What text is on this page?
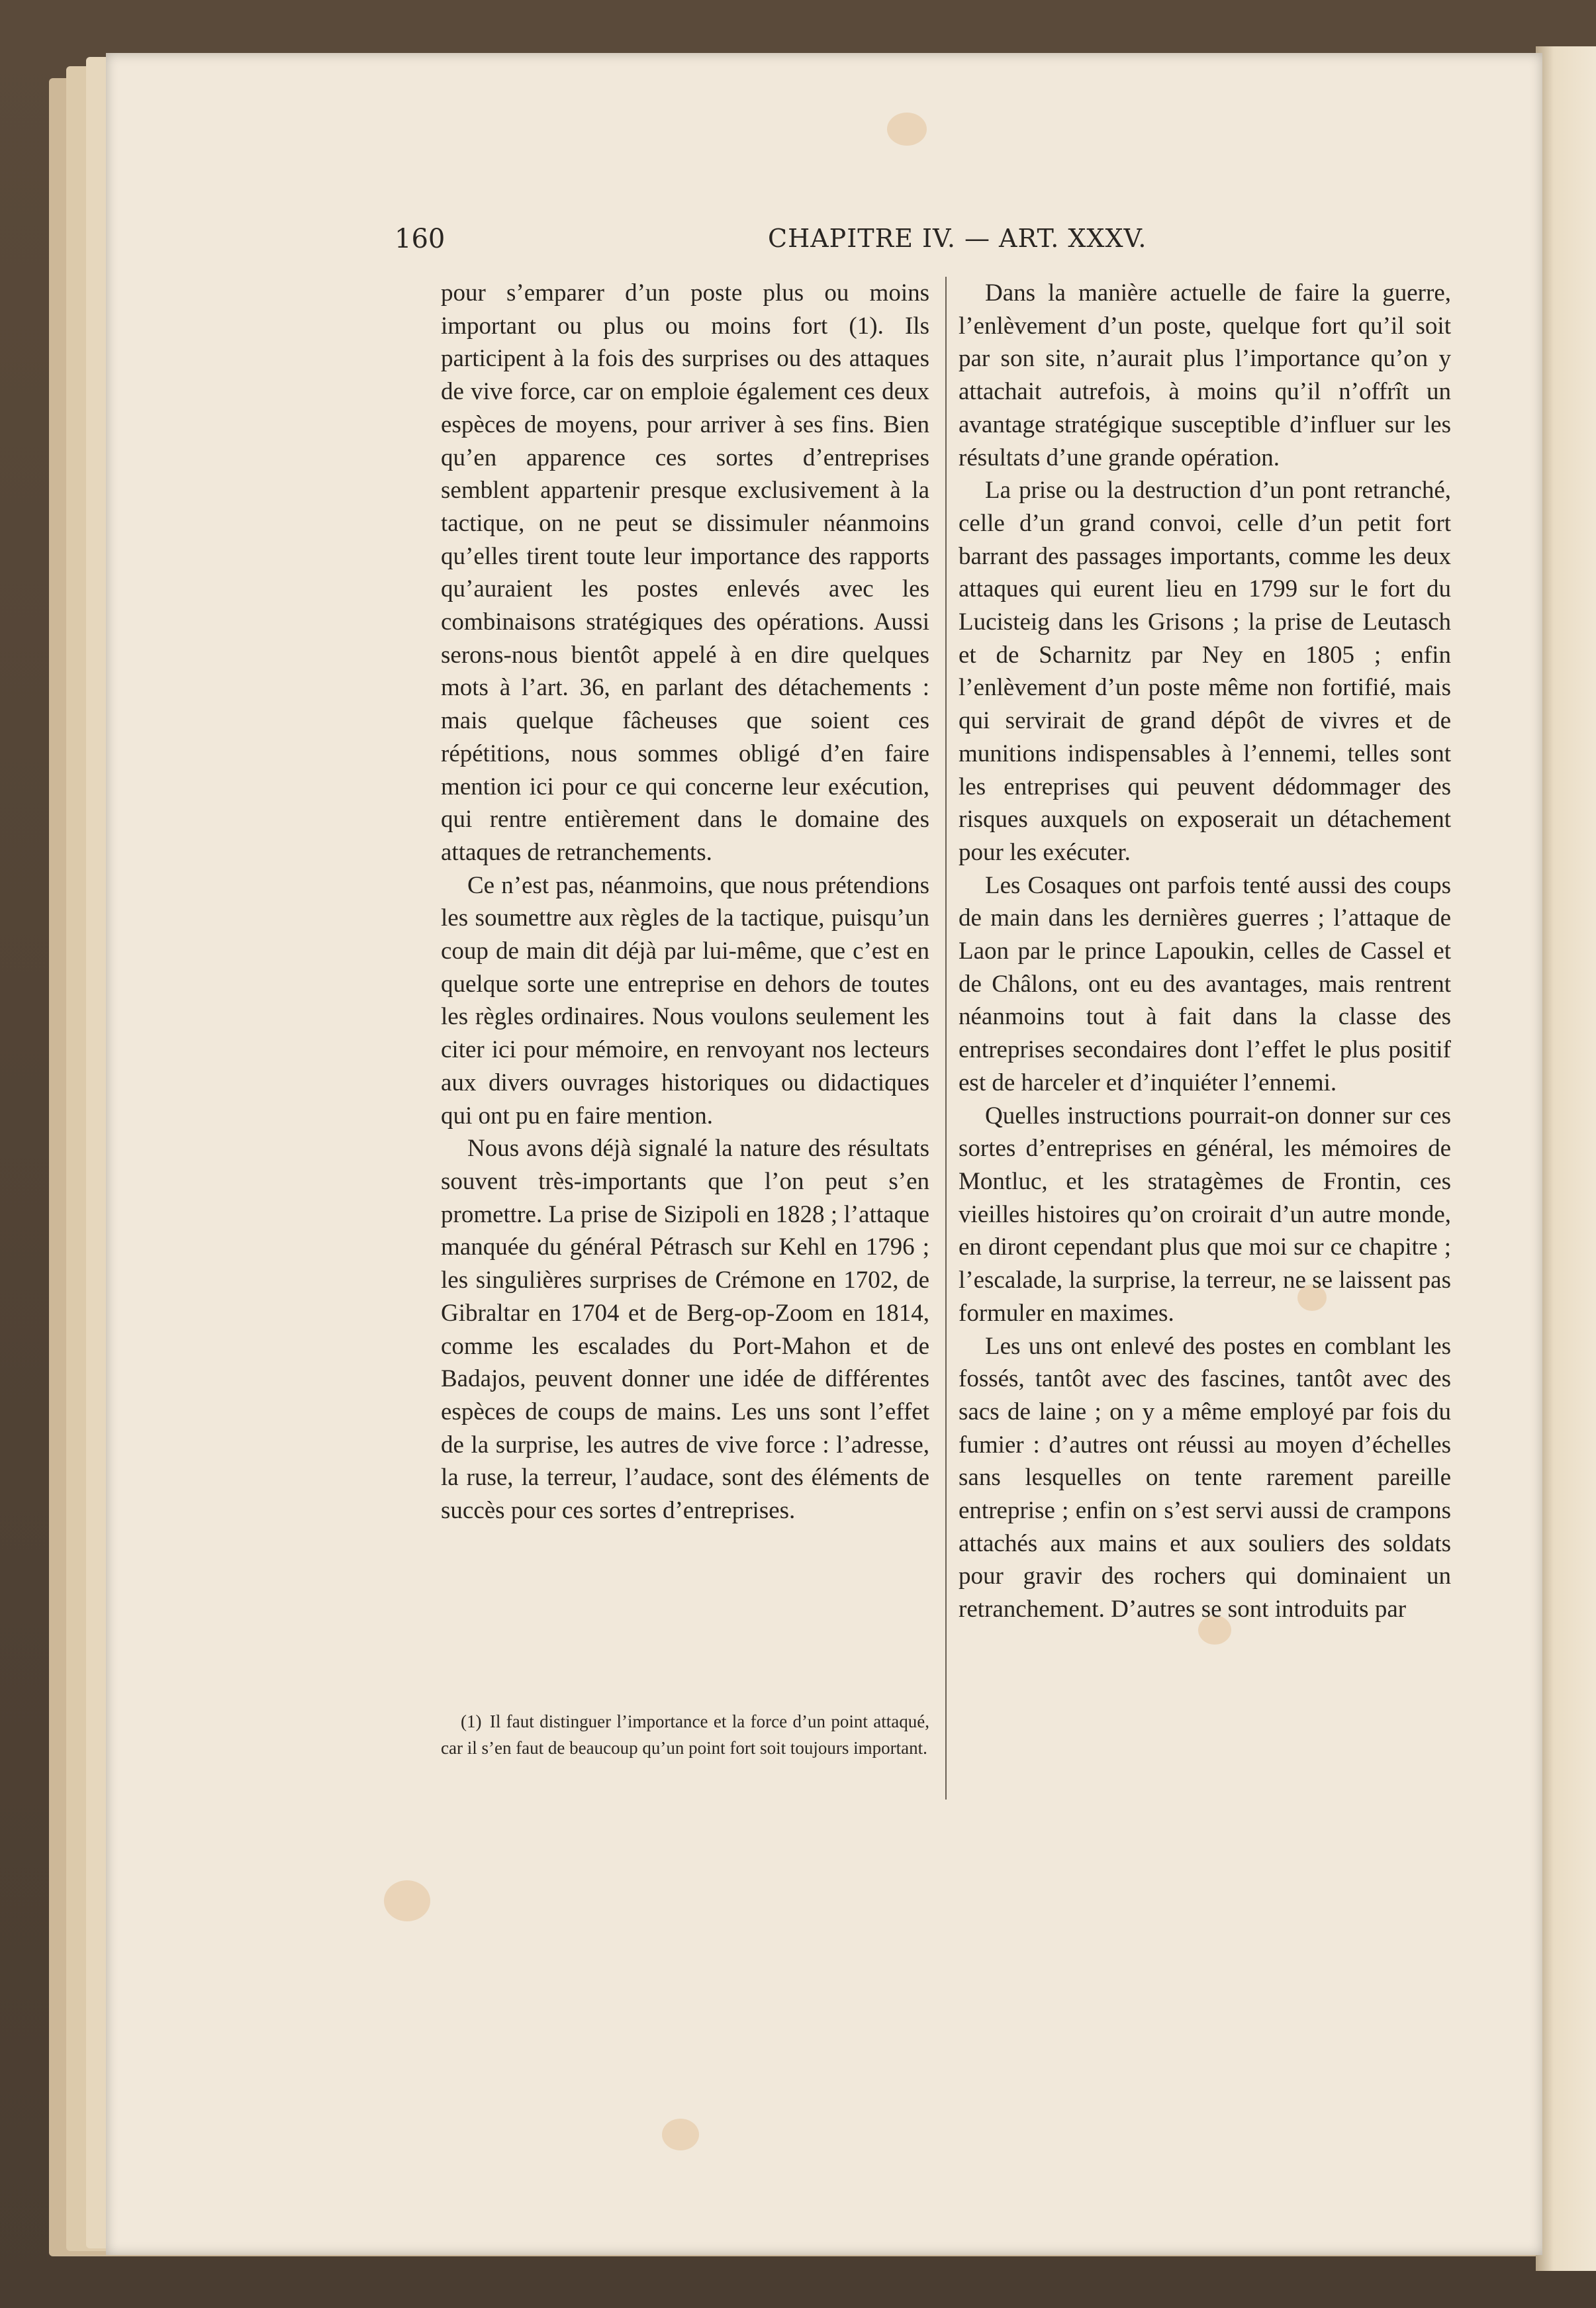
160	CHAPITRE IV. — ART. XXXV.

pour s’emparer d’un poste plus ou moins important ou plus ou moins fort (1). Ils participent à la fois des surprises ou des attaques de vive force, car on emploie également ces deux espèces de moyens, pour arriver à ses fins. Bien qu’en apparence ces sortes d’entreprises semblent appartenir presque exclusivement à la tactique, on ne peut se dissimuler néanmoins qu’elles tirent toute leur importance des rapports qu’auraient les postes enlevés avec les combinaisons stratégiques des opérations. Aussi serons-nous bientôt appelé à en dire quelques mots à l’art. 36, en parlant des détachements : mais quelque fâcheuses que soient ces répétitions, nous sommes obligé d’en faire mention ici pour ce qui concerne leur exécution, qui rentre entièrement dans le domaine des attaques de retranchements.

Ce n’est pas, néanmoins, que nous prétendions les soumettre aux règles de la tactique, puisqu’un coup de main dit déjà par lui-même, que c’est en quelque sorte une entreprise en dehors de toutes les règles ordinaires. Nous voulons seulement les citer ici pour mémoire, en renvoyant nos lecteurs aux divers ouvrages historiques ou didactiques qui ont pu en faire mention.

Nous avons déjà signalé la nature des résultats souvent très-importants que l’on peut s’en promettre. La prise de Sizipoli en 1828 ; l’attaque manquée du général Pétrasch sur Kehl en 1796 ; les singulières surprises de Crémone en 1702, de Gibraltar en 1704 et de Berg-op-Zoom en 1814, comme les escalades du Port-Mahon et de Badajos, peuvent donner une idée de différentes espèces de coups de mains. Les uns sont l’effet de la surprise, les autres de vive force : l’adresse, la ruse, la terreur, l’audace, sont des éléments de succès pour ces sortes d’entreprises.

Dans la manière actuelle de faire la guerre, l’enlèvement d’un poste, quelque fort qu’il soit par son site, n’aurait plus l’importance qu’on y attachait autrefois, à moins qu’il n’offrît un avantage stratégique susceptible d’influer sur les résultats d’une grande opération.

La prise ou la destruction d’un pont retranché, celle d’un grand convoi, celle d’un petit fort barrant des passages importants, comme les deux attaques qui eurent lieu en 1799 sur le fort du Lucisteig dans les Grisons ; la prise de Leutasch et de Scharnitz par Ney en 1805 ; enfin l’enlèvement d’un poste même non fortifié, mais qui servirait de grand dépôt de vivres et de munitions indispensables à l’ennemi, telles sont les entreprises qui peuvent dédommager des risques auxquels on exposerait un détachement pour les exécuter.

Les Cosaques ont parfois tenté aussi des coups de main dans les dernières guerres ; l’attaque de Laon par le prince Lapoukin, celles de Cassel et de Châlons, ont eu des avantages, mais rentrent néanmoins tout à fait dans la classe des entreprises secondaires dont l’effet le plus positif est de harceler et d’inquiéter l’ennemi.

Quelles instructions pourrait-on donner sur ces sortes d’entreprises en général, les mémoires de Montluc, et les stratagèmes de Frontin, ces vieilles histoires qu’on croirait d’un autre monde, en diront cependant plus que moi sur ce chapitre ; l’escalade, la surprise, la terreur, ne se laissent pas formuler en maximes.

Les uns ont enlevé des postes en comblant les fossés, tantôt avec des fascines, tantôt avec des sacs de laine ; on y a même employé par fois du fumier : d’autres ont réussi au moyen d’échelles sans lesquelles on tente rarement pareille entreprise ; enfin on s’est servi aussi de crampons attachés aux mains et aux souliers des soldats pour gravir des rochers qui dominaient un retranchement. D’autres se sont introduits par

(1) Il faut distinguer l’importance et la force d’un point attaqué, car il s’en faut de beaucoup qu’un point fort soit toujours important.
